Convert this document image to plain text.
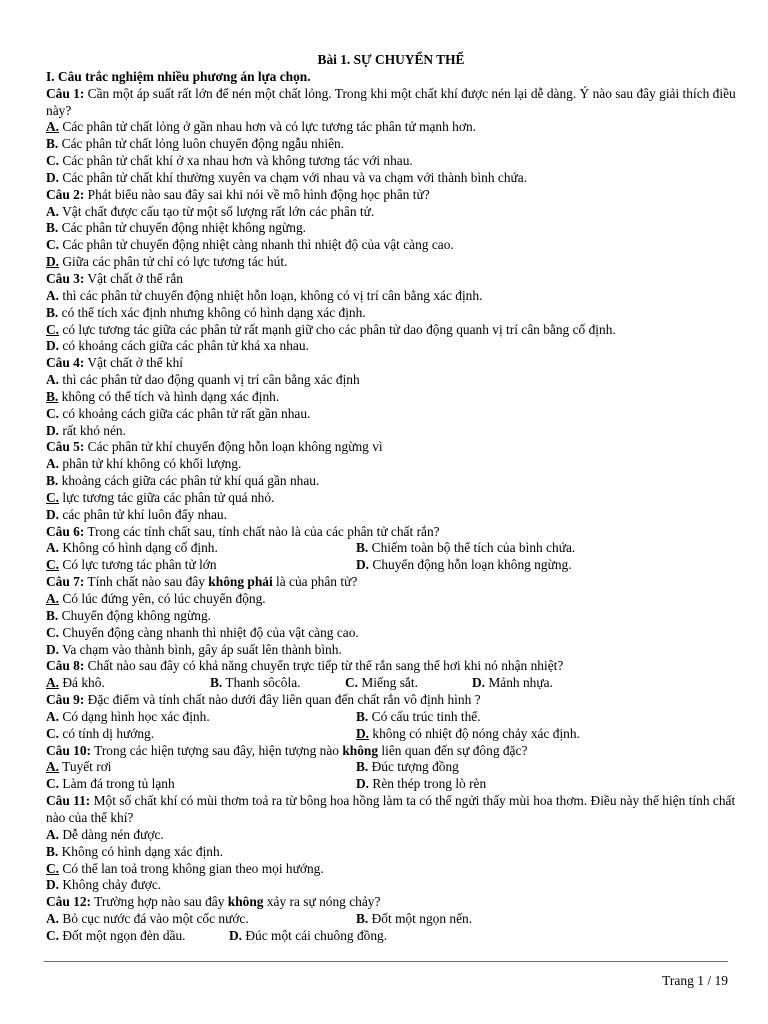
Bài 1. SỰ CHUYỂN THỂ
I. Câu trắc nghiệm nhiều phương án lựa chọn.
Câu 1: Cần một áp suất rất lớn để nén một chất lỏng. Trong khi một chất khí được nén lại dễ dàng. Ý nào sau đây giải thích điều này?
A. Các phân tử chất lỏng ở gần nhau hơn và có lực tương tác phân tử mạnh hơn.
B. Các phân tử chất lỏng luôn chuyển động ngẫu nhiên.
C. Các phân tử chất khí ở xa nhau hơn và không tương tác với nhau.
D. Các phân tử chất khí thường xuyên va chạm với nhau và va chạm với thành bình chứa.
Câu 2: Phát biểu nào sau đây sai khi nói về mô hình động học phân tử?
A. Vật chất được cấu tạo từ một số lượng rất lớn các phân tử.
B. Các phân tử chuyển động nhiệt không ngừng.
C. Các phân tử chuyển động nhiệt càng nhanh thì nhiệt độ của vật càng cao.
D. Giữa các phân tử chỉ có lực tương tác hút.
Câu 3: Vật chất ở thể rắn
A. thì các phân tử chuyển động nhiệt hỗn loạn, không có vị trí cân bằng xác định.
B. có thể tích xác định nhưng không có hình dạng xác định.
C. có lực tương tác giữa các phân tử rất mạnh giữ cho các phân tử dao động quanh vị trí cân bằng cố định.
D. có khoảng cách giữa các phân tử khá xa nhau.
Câu 4: Vật chất ở thể khí
A. thì các phân tử dao động quanh vị trí cân bằng xác định
B. không có thể tích và hình dạng xác định.
C. có khoảng cách giữa các phân tử rất gần nhau.
D. rất khó nén.
Câu 5: Các phân tử khí chuyển động hỗn loạn không ngừng vì
A. phân tử khí không có khối lượng.
B. khoảng cách giữa các phân tử khí quá gần nhau.
C. lực tương tác giữa các phân tử quá nhỏ.
D. các phân tử khí luôn đẩy nhau.
Câu 6: Trong các tính chất sau, tính chất nào là của các phân tử chất rắn?
A. Không có hình dạng cố định.	B. Chiếm toàn bộ thể tích của bình chứa.
C. Có lực tương tác phân tử lớn	D. Chuyển động hỗn loạn không ngừng.
Câu 7: Tính chất nào sau đây không phải là của phân tử?
A. Có lúc đứng yên, có lúc chuyển động.
B. Chuyển động không ngừng.
C. Chuyển động càng nhanh thì nhiệt độ của vật càng cao.
D. Va chạm vào thành bình, gây áp suất lên thành bình.
Câu 8: Chất nào sau đây có khả năng chuyển trực tiếp từ thể rắn sang thể hơi khi nó nhận nhiệt?
A. Đá khô.	B. Thanh sôcôla.	C. Miếng sắt.	D. Mảnh nhựa.
Câu 9: Đặc điểm và tính chất nào dưới đây liên quan đến chất rắn vô định hình ?
A. Có dạng hình học xác định.	B. Có cấu trúc tinh thể.
C. có tính dị hướng.	D. không có nhiệt độ nóng chảy xác định.
Câu 10: Trong các hiện tượng sau đây, hiện tượng nào không liên quan đến sự đông đặc?
A. Tuyết rơi	B. Đúc tượng đồng
C. Làm đá trong tủ lạnh	D. Rèn thép trong lò rèn
Câu 11: Một số chất khí có mùi thơm toả ra từ bông hoa hồng làm ta có thể ngửi thấy mùi hoa thơm. Điều này thể hiện tính chất nào của thể khí?
A. Dễ dàng nén được.
B. Không có hình dạng xác định.
C. Có thể lan toả trong không gian theo mọi hướng.
D. Không chảy được.
Câu 12: Trường hợp nào sau đây không xảy ra sự nóng chảy?
A. Bỏ cục nước đá vào một cốc nước.	B. Đốt một ngọn nến.
C. Đốt một ngọn đèn dầu.	D. Đúc một cái chuông đồng.
Trang 1 / 19
